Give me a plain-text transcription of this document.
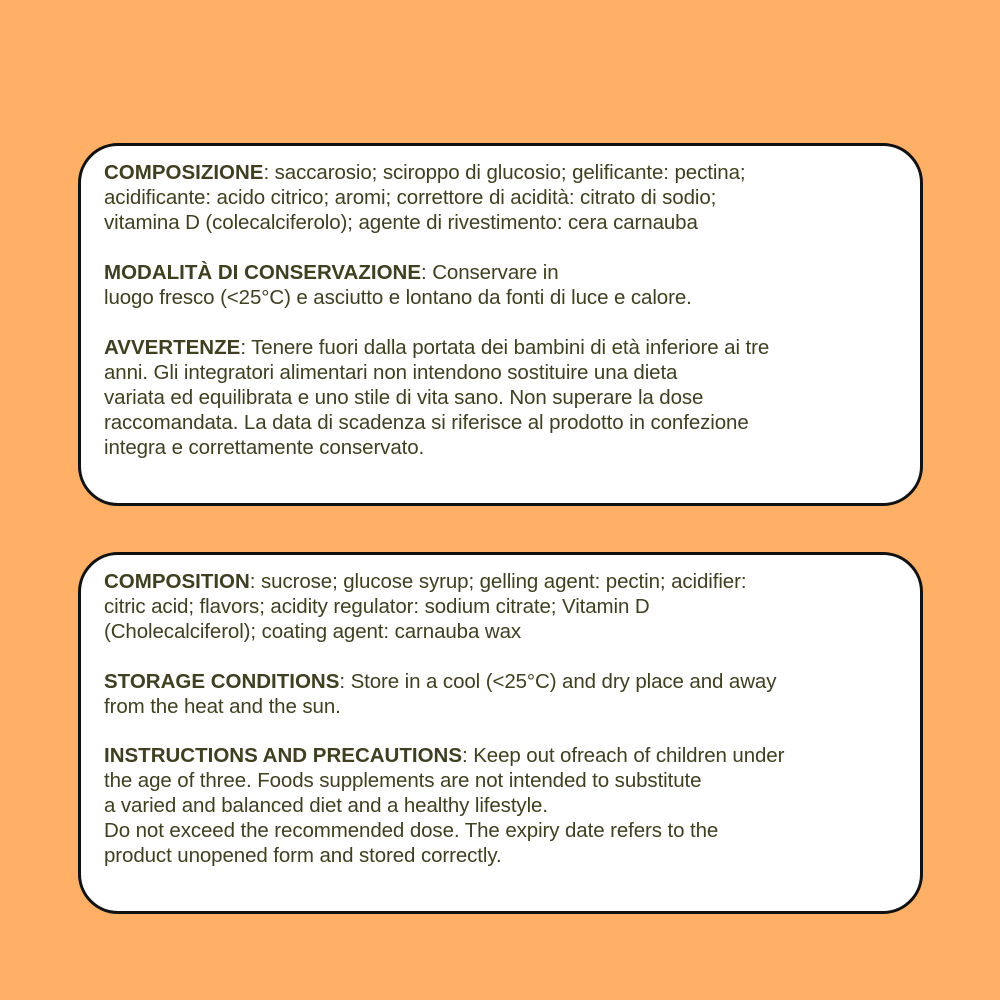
COMPOSIZIONE: saccarosio; sciroppo di glucosio; gelificante: pectina;
acidificante: acido citrico; aromi; correttore di acidità: citrato di sodio;
vitamina D (colecalciferolo); agente di rivestimento: cera carnauba

MODALITÀ DI CONSERVAZIONE: Conservare in
luogo fresco (<25°C) e asciutto e lontano da fonti di luce e calore.

AVVERTENZE: Tenere fuori dalla portata dei bambini di età inferiore ai tre
anni. Gli integratori alimentari non intendono sostituire una dieta
variata ed equilibrata e uno stile di vita sano. Non superare la dose
raccomandata. La data di scadenza si riferisce al prodotto in confezione
integra e correttamente conservato.

COMPOSITION: sucrose; glucose syrup; gelling agent: pectin; acidifier:
citric acid; flavors; acidity regulator: sodium citrate; Vitamin D
(Cholecalciferol); coating agent: carnauba wax

STORAGE CONDITIONS: Store in a cool (<25°C) and dry place and away
from the heat and the sun.

INSTRUCTIONS AND PRECAUTIONS: Keep out ofreach of children under
the age of three. Foods supplements are not intended to substitute
a varied and balanced diet and a healthy lifestyle.
Do not exceed the recommended dose. The expiry date refers to the
product unopened form and stored correctly.
